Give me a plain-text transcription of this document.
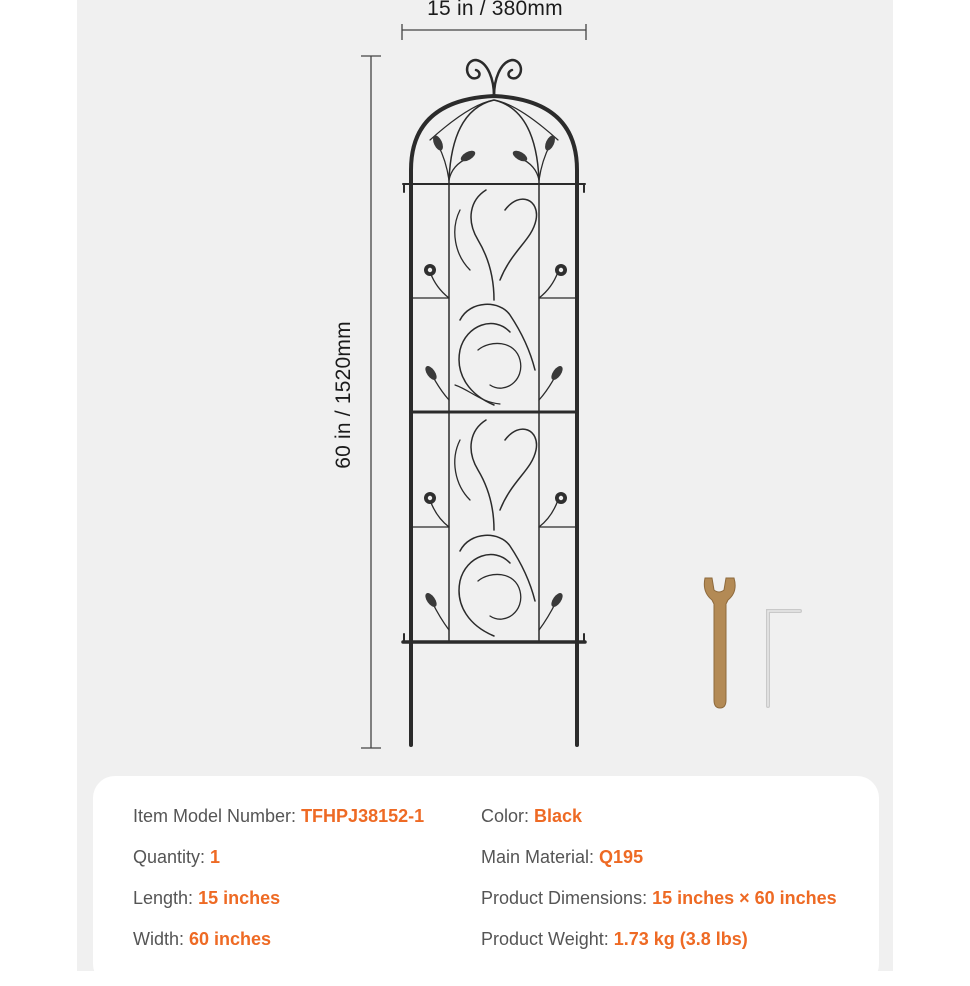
15 in / 380mm
60 in / 1520mm
Item Model Number: TFHPJ38152-1
Quantity: 1
Length: 15 inches
Width: 60 inches
Color: Black
Main Material: Q195
Product Dimensions: 15 inches × 60 inches
Product Weight: 1.73 kg (3.8 lbs)
